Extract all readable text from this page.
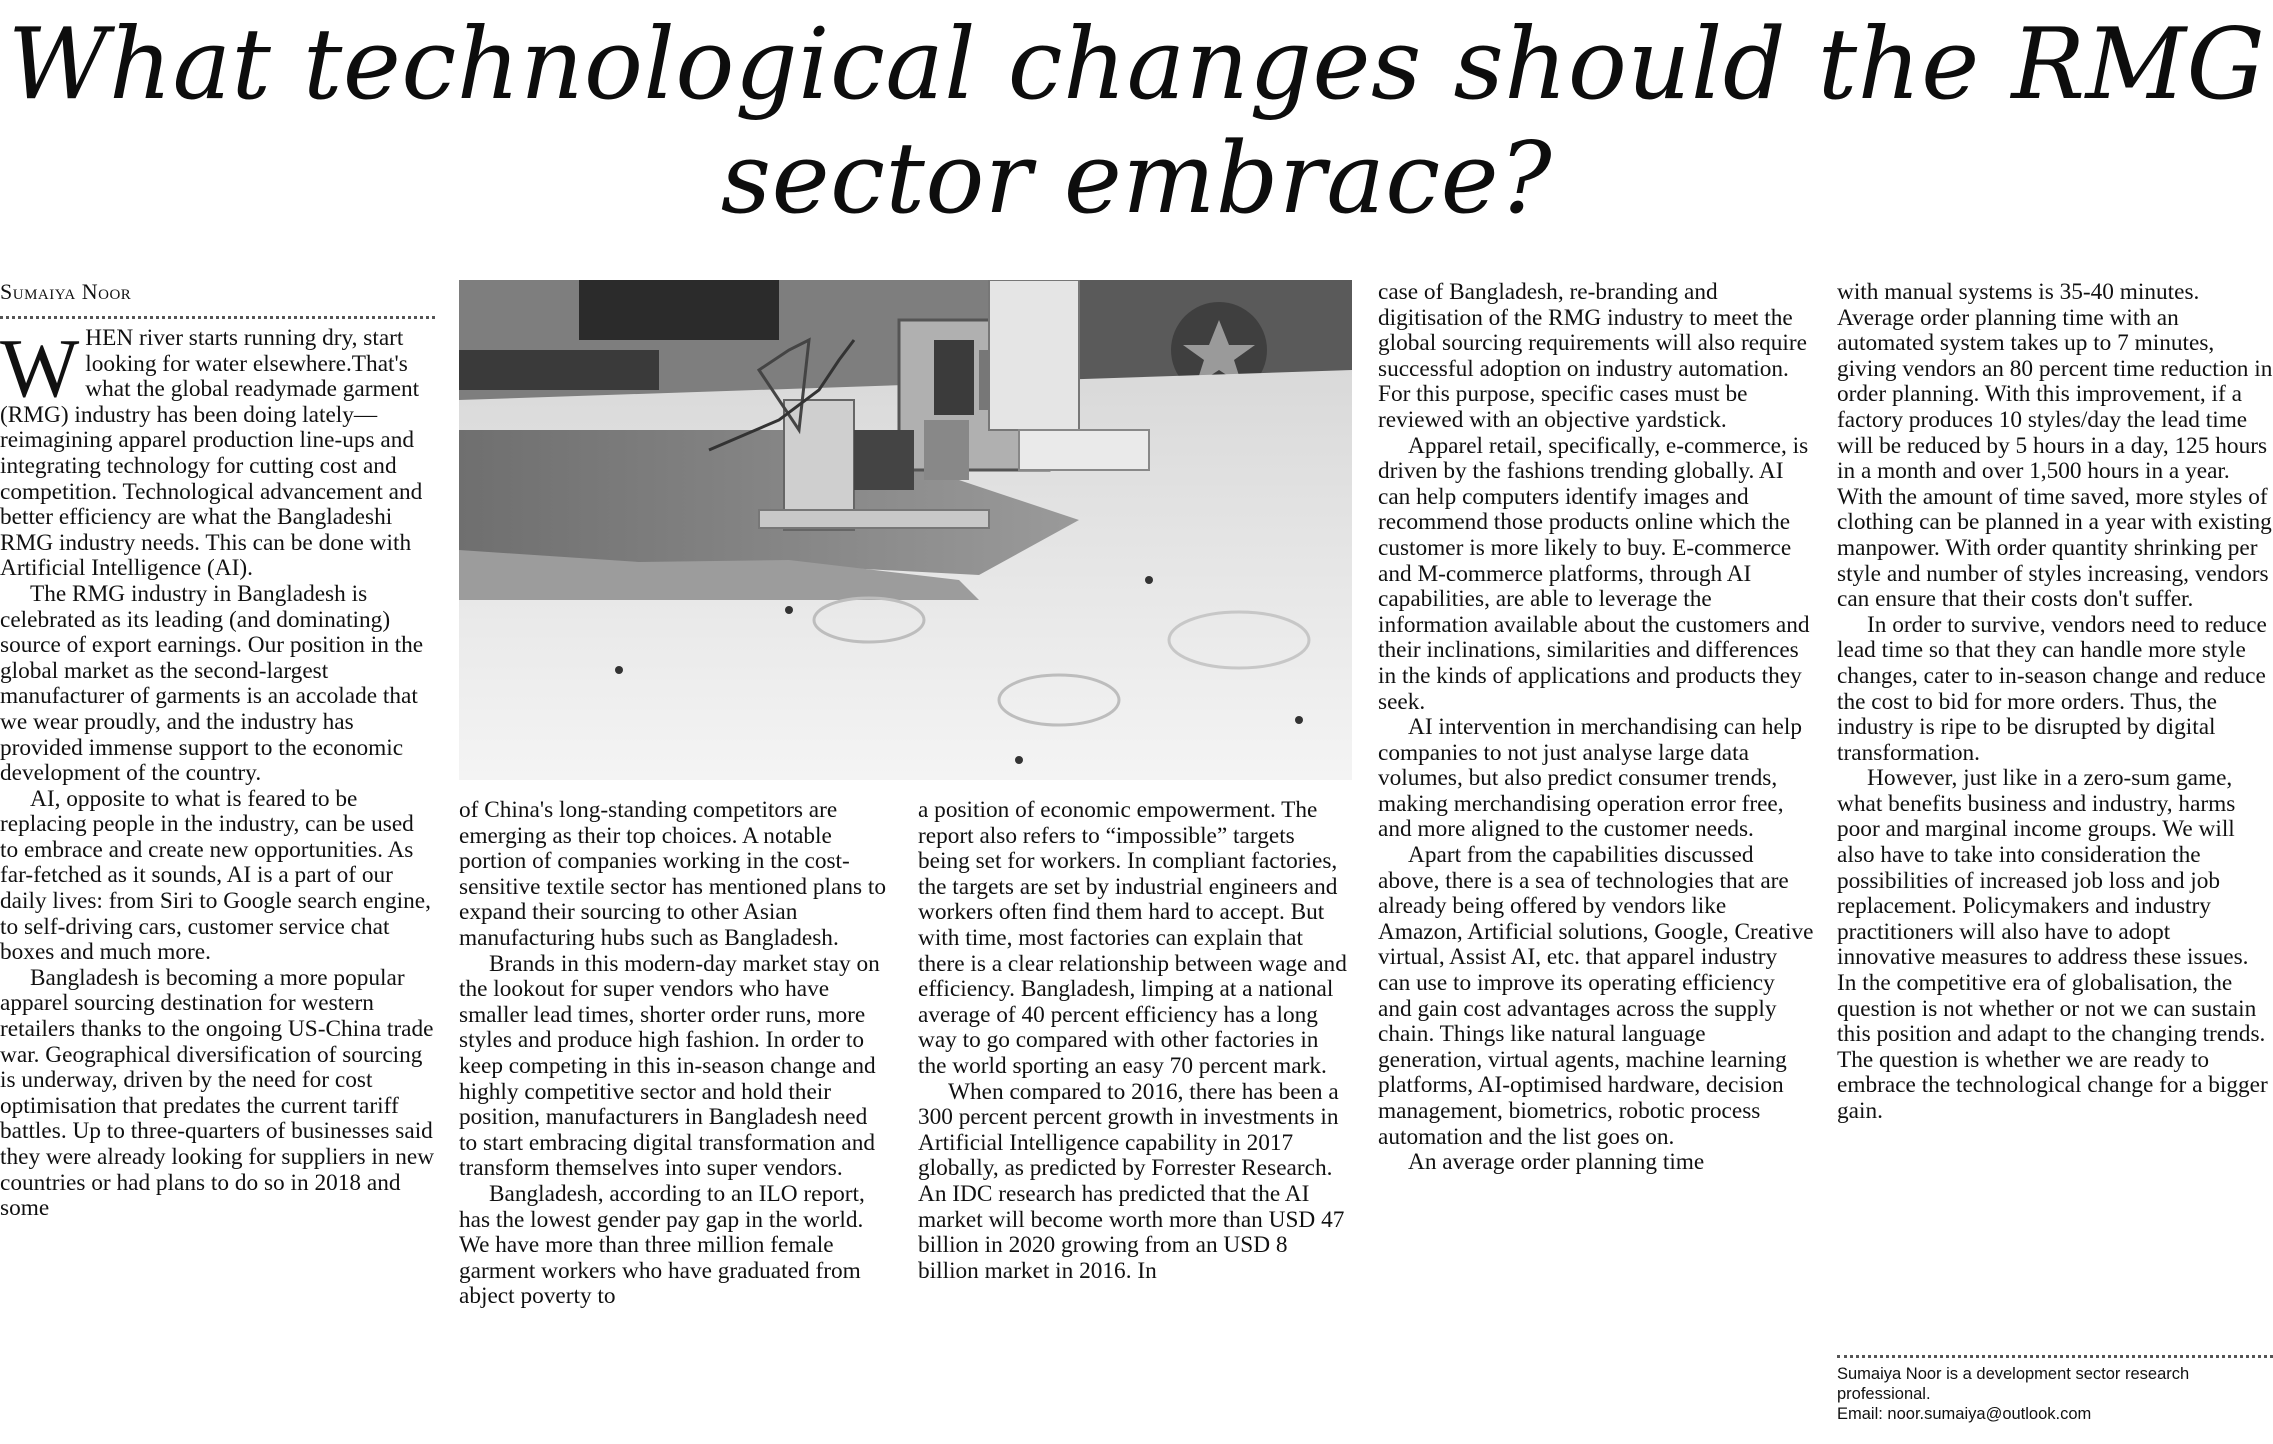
What technological changes should the RMG sector embrace?
Sumaiya Noor

WHEN river starts running dry, start looking for water elsewhere.That's what the global readymade garment (RMG) industry has been doing lately—reimagining apparel production line-ups and integrating technology for cutting cost and competition. Technological advancement and better efficiency are what the Bangladeshi RMG industry needs. This can be done with Artificial Intelligence (AI).

The RMG industry in Bangladesh is celebrated as its leading (and dominating) source of export earnings. Our position in the global market as the second-largest manufacturer of garments is an accolade that we wear proudly, and the industry has provided immense support to the economic development of the country.

AI, opposite to what is feared to be replacing people in the industry, can be used to embrace and create new opportunities. As far-fetched as it sounds, AI is a part of our daily lives: from Siri to Google search engine, to self-driving cars, customer service chat boxes and much more.

Bangladesh is becoming a more popular apparel sourcing destination for western retailers thanks to the ongoing US-China trade war. Geographical diversification of sourcing is underway, driven by the need for cost optimisation that predates the current tariff battles. Up to three-quarters of businesses said they were already looking for suppliers in new countries or had plans to do so in 2018 and some

of China's long-standing competitors are emerging as their top choices. A notable portion of companies working in the cost-sensitive textile sector has mentioned plans to expand their sourcing to other Asian manufacturing hubs such as Bangladesh.

Brands in this modern-day market stay on the lookout for super vendors who have smaller lead times, shorter order runs, more styles and produce high fashion. In order to keep competing in this in-season change and highly competitive sector and hold their position, manufacturers in Bangladesh need to start embracing digital transformation and transform themselves into super vendors.

Bangladesh, according to an ILO report, has the lowest gender pay gap in the world. We have more than three million female garment workers who have graduated from abject poverty to

a position of economic empowerment. The report also refers to “impossible” targets being set for workers. In compliant factories, the targets are set by industrial engineers and workers often find them hard to accept. But with time, most factories can explain that there is a clear relationship between wage and efficiency. Bangladesh, limping at a national average of 40 percent efficiency has a long way to go compared with other factories in the world sporting an easy 70 percent mark.

When compared to 2016, there has been a 300 percent percent growth in investments in Artificial Intelligence capability in 2017 globally, as predicted by Forrester Research. An IDC research has predicted that the AI market will become worth more than USD 47 billion in 2020 growing from an USD 8 billion market in 2016. In

case of Bangladesh, re-branding and digitisation of the RMG industry to meet the global sourcing requirements will also require successful adoption on industry automation. For this purpose, specific cases must be reviewed with an objective yardstick.

Apparel retail, specifically, e-commerce, is driven by the fashions trending globally. AI can help computers identify images and recommend those products online which the customer is more likely to buy. E-commerce and M-commerce platforms, through AI capabilities, are able to leverage the information available about the customers and their inclinations, similarities and differences in the kinds of applications and products they seek.

AI intervention in merchandising can help companies to not just analyse large data volumes, but also predict consumer trends, making merchandising operation error free, and more aligned to the customer needs.

Apart from the capabilities discussed above, there is a sea of technologies that are already being offered by vendors like Amazon, Artificial solutions, Google, Creative virtual, Assist AI, etc. that apparel industry can use to improve its operating efficiency and gain cost advantages across the supply chain. Things like natural language generation, virtual agents, machine learning platforms, AI-optimised hardware, decision management, biometrics, robotic process automation and the list goes on.

An average order planning time

with manual systems is 35-40 minutes. Average order planning time with an automated system takes up to 7 minutes, giving vendors an 80 percent time reduction in order planning. With this improvement, if a factory produces 10 styles/day the lead time will be reduced by 5 hours in a day, 125 hours in a month and over 1,500 hours in a year. With the amount of time saved, more styles of clothing can be planned in a year with existing manpower. With order quantity shrinking per style and number of styles increasing, vendors can ensure that their costs don't suffer.

In order to survive, vendors need to reduce lead time so that they can handle more style changes, cater to in-season change and reduce the cost to bid for more orders. Thus, the industry is ripe to be disrupted by digital transformation.

However, just like in a zero-sum game, what benefits business and industry, harms poor and marginal income groups. We will also have to take into consideration the possibilities of increased job loss and job replacement. Policymakers and industry practitioners will also have to adopt innovative measures to address these issues. In the competitive era of globalisation, the question is not whether or not we can sustain this position and adapt to the changing trends. The question is whether we are ready to embrace the technological change for a bigger gain.

Sumaiya Noor is a development sector research professional.
Email: noor.sumaiya@outlook.com
